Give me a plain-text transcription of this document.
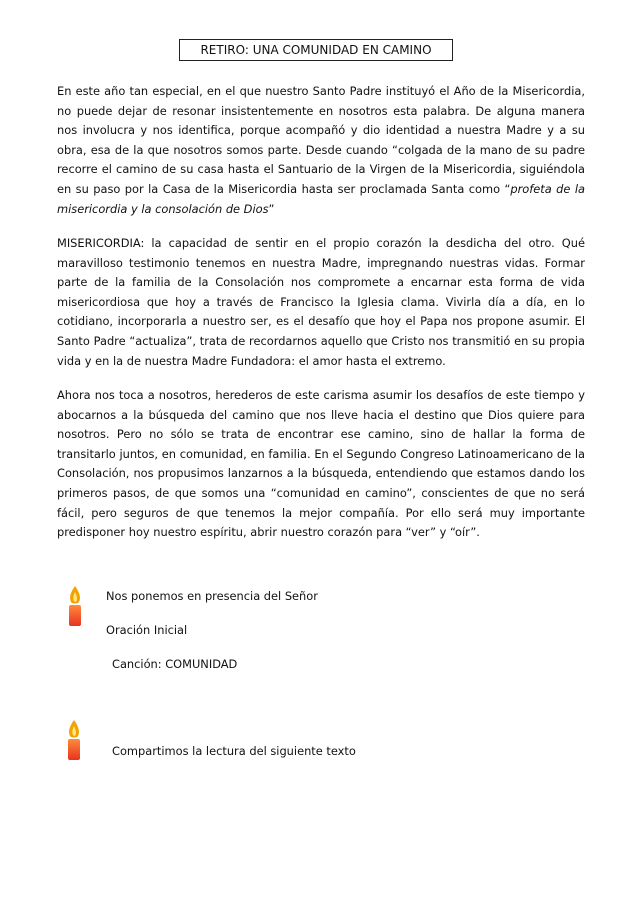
RETIRO: UNA COMUNIDAD EN CAMINO

En este año tan especial, en el que nuestro Santo Padre instituyó el Año de la Misericordia, no puede dejar de resonar insistentemente en nosotros esta palabra. De alguna manera nos involucra y nos identifica, porque acompañó y dio identidad a nuestra Madre y a su obra, esa de la que nosotros somos parte. Desde cuando “colgada de la mano de su padre recorre el camino de su casa hasta el Santuario de la Virgen de la Misericordia, siguiéndola en su paso por la Casa de la Misericordia hasta ser proclamada Santa como “profeta de la misericordia y la consolación de Dios”

MISERICORDIA: la capacidad de sentir en el propio corazón la desdicha del otro. Qué maravilloso testimonio tenemos en nuestra Madre, impregnando nuestras vidas. Formar parte de la familia de la Consolación nos compromete a encarnar esta forma de vida misericordiosa que hoy a través de Francisco la Iglesia clama. Vivirla día a día, en lo cotidiano, incorporarla a nuestro ser, es el desafío que hoy el Papa nos propone asumir. El Santo Padre “actualiza”, trata de recordarnos aquello que Cristo nos transmitió en su propia vida y en la de nuestra Madre Fundadora: el amor hasta el extremo.

Ahora nos toca a nosotros, herederos de este carisma asumir los desafíos de este tiempo y abocarnos a la búsqueda del camino que nos lleve hacia el destino que Dios quiere para nosotros. Pero no sólo se trata de encontrar ese camino, sino de hallar la forma de transitarlo juntos, en comunidad, en familia. En el Segundo Congreso Latinoamericano de la Consolación, nos propusimos lanzarnos a la búsqueda, entendiendo que estamos dando los primeros pasos, de que somos una “comunidad en camino”, conscientes de que no será fácil, pero seguros de que tenemos la mejor compañía. Por ello será muy importante predisponer hoy nuestro espíritu, abrir nuestro corazón para “ver” y “oír”.

Nos ponemos en presencia del Señor
Oración Inicial
Canción: COMUNIDAD
Compartimos la lectura del siguiente texto
